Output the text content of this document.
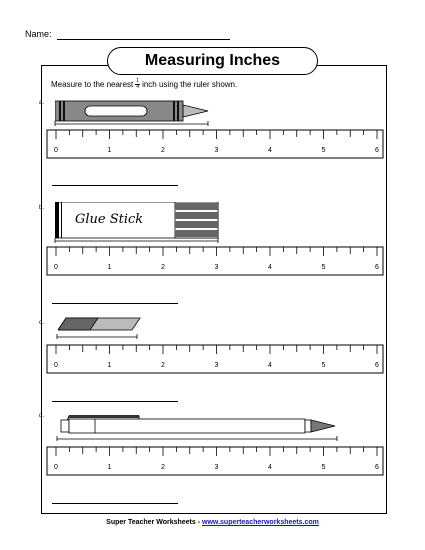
Name:
Measuring Inches
Measure to the nearest $\frac{1}{4}$ inch using the ruler shown.
a.
b.
c.
d.
Glue Stick
0	1	2	3	4	5	6
0	1	2	3	4	5	6
0	1	2	3	4	5	6
0	1	2	3	4	5	6
Super Teacher Worksheets - www.superteacherworksheets.com
